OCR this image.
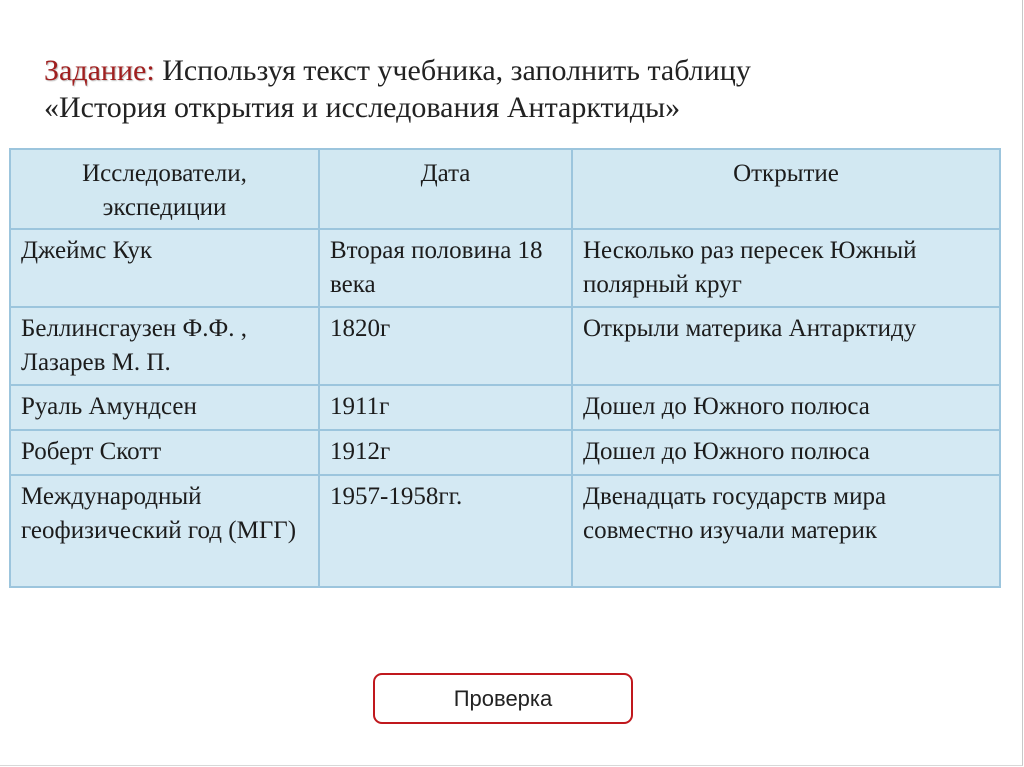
Задание: Используя текст учебника, заполнить таблицу
«История открытия и исследования Антарктиды»
Исследователи, экспедиции	Дата	Открытие
Джеймс Кук	Вторая половина 18 века	Несколько раз пересек Южный полярный круг
Беллинсгаузен Ф.Ф. , Лазарев М. П.	1820г	Открыли материка Антарктиду
Руаль Амундсен	1911г	Дошел до Южного полюса
Роберт Скотт	1912г	Дошел до Южного полюса
Международный геофизический год (МГГ)	1957-1958гг.	Двенадцать государств мира совместно изучали материк
Проверка
